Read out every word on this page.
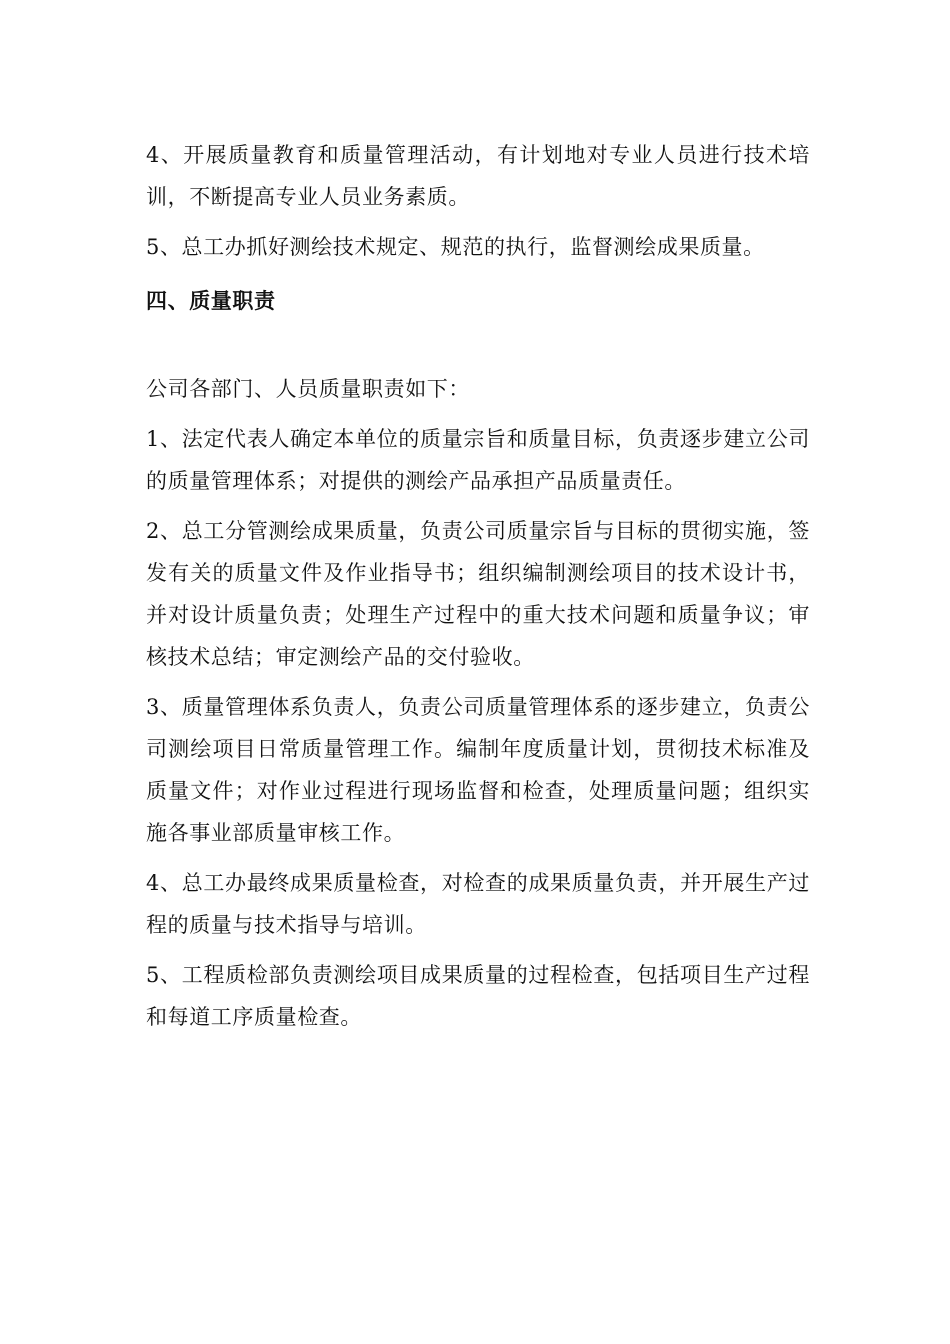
4、开展质量教育和质量管理活动，有计划地对专业人员进行技术培训，不断提高专业人员业务素质。

5、总工办抓好测绘技术规定、规范的执行，监督测绘成果质量。

四、质量职责

公司各部门、人员质量职责如下：

1、法定代表人确定本单位的质量宗旨和质量目标，负责逐步建立公司的质量管理体系；对提供的测绘产品承担产品质量责任。

2、总工分管测绘成果质量，负责公司质量宗旨与目标的贯彻实施，签发有关的质量文件及作业指导书；组织编制测绘项目的技术设计书，并对设计质量负责；处理生产过程中的重大技术问题和质量争议；审核技术总结；审定测绘产品的交付验收。

3、质量管理体系负责人，负责公司质量管理体系的逐步建立，负责公司测绘项目日常质量管理工作。编制年度质量计划，贯彻技术标准及质量文件；对作业过程进行现场监督和检查，处理质量问题；组织实施各事业部质量审核工作。

4、总工办最终成果质量检查，对检查的成果质量负责，并开展生产过程的质量与技术指导与培训。

5、工程质检部负责测绘项目成果质量的过程检查，包括项目生产过程和每道工序质量检查。
